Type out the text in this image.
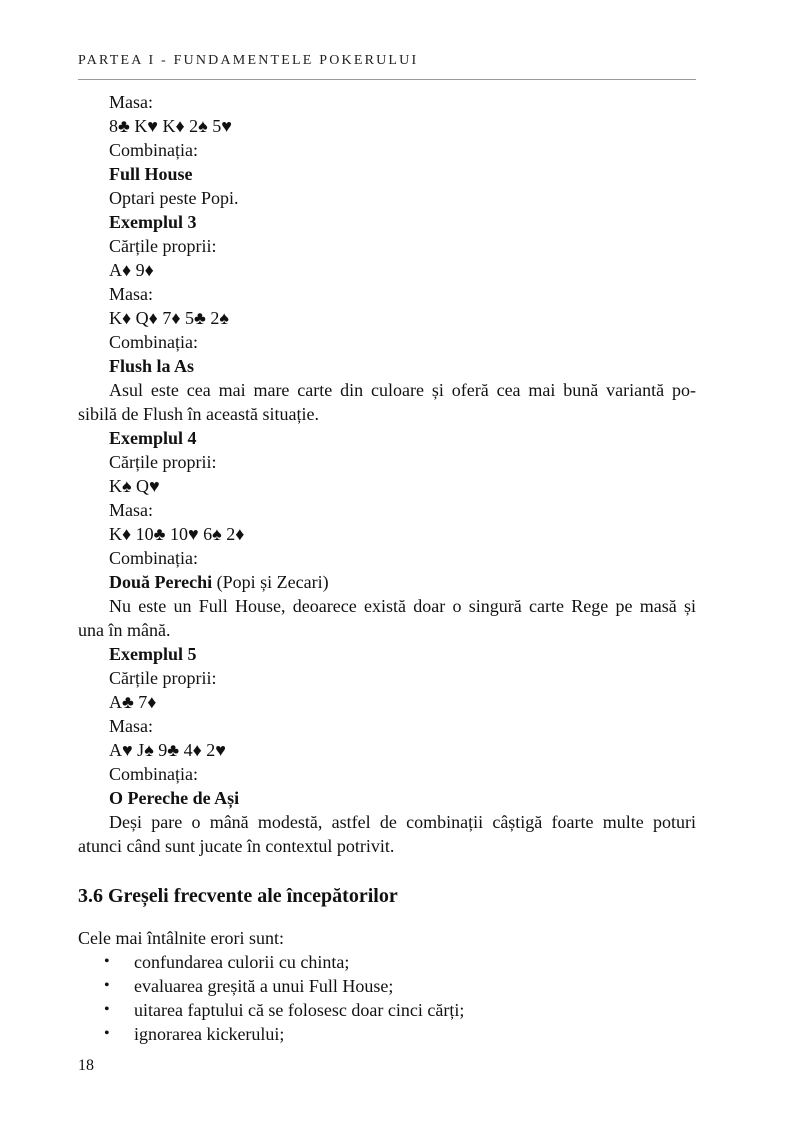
PARTEA I - FUNDAMENTELE POKERULUI
Masa:
8♣ K♥ K♦ 2♠ 5♥
Combinația:
Full House
Optari peste Popi.
Exemplul 3
Cărțile proprii:
A♦ 9♦
Masa:
K♦ Q♦ 7♦ 5♣ 2♠
Combinația:
Flush la As
Asul este cea mai mare carte din culoare și oferă cea mai bună variantă po-
sibilă de Flush în această situație.
Exemplul 4
Cărțile proprii:
K♠ Q♥
Masa:
K♦ 10♣ 10♥ 6♠ 2♦
Combinația:
Două Perechi (Popi și Zecari)
Nu este un Full House, deoarece există doar o singură carte Rege pe masă și
una în mână.
Exemplul 5
Cărțile proprii:
A♣ 7♦
Masa:
A♥ J♠ 9♣ 4♦ 2♥
Combinația:
O Pereche de Ași
Deși pare o mână modestă, astfel de combinații câștigă foarte multe poturi
atunci când sunt jucate în contextul potrivit.
3.6 Greșeli frecvente ale începătorilor
Cele mai întâlnite erori sunt:
• confundarea culorii cu chinta;
• evaluarea greșită a unui Full House;
• uitarea faptului că se folosesc doar cinci cărți;
• ignorarea kickerului;
18
